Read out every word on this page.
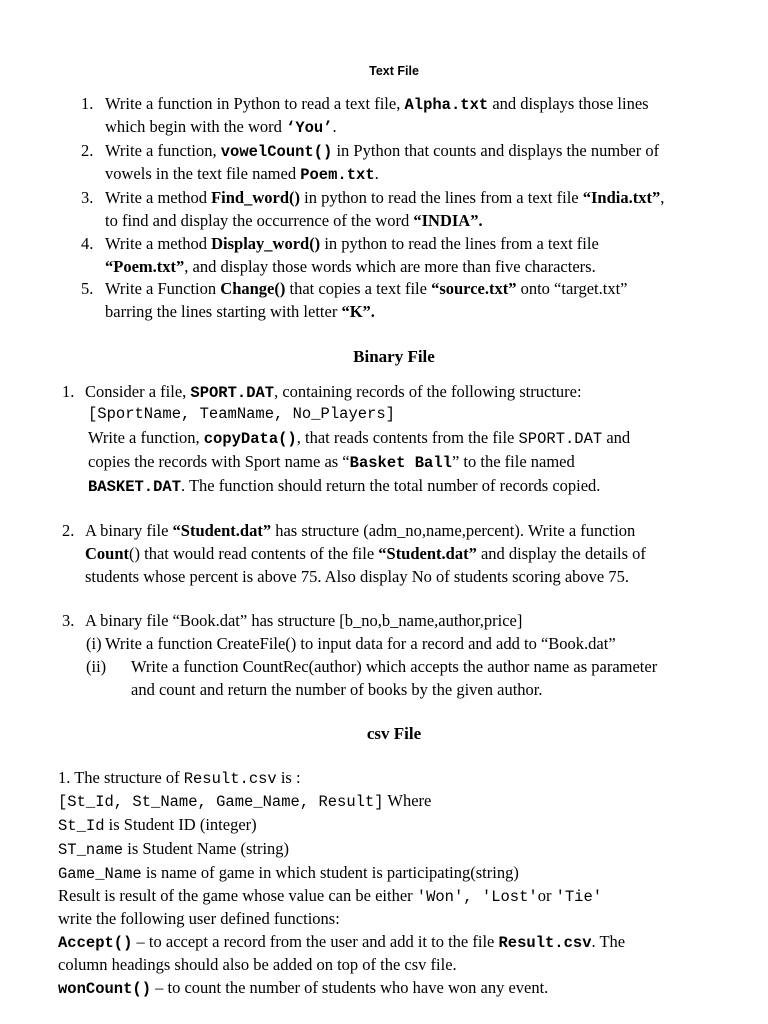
Text File
1. Write a function in Python to read a text file, Alpha.txt and displays those lines
which begin with the word ‘You’.
2. Write a function, vowelCount() in Python that counts and displays the number of
vowels in the text file named Poem.txt.
3. Write a method Find_word() in python to read the lines from a text file “India.txt”,
to find and display the occurrence of the word “INDIA”.
4. Write a method Display_word() in python to read the lines from a text file
“Poem.txt”, and display those words which are more than five characters.
5. Write a Function Change() that copies a text file “source.txt” onto “target.txt”
barring the lines starting with letter “K”.
Binary File
1. Consider a file, SPORT.DAT, containing records of the following structure:
[SportName, TeamName, No_Players]
Write a function, copyData(), that reads contents from the file SPORT.DAT and
copies the records with Sport name as “Basket Ball” to the file named
BASKET.DAT. The function should return the total number of records copied.
2. A binary file “Student.dat” has structure (adm_no,name,percent). Write a function
Count() that would read contents of the file “Student.dat” and display the details of
students whose percent is above 75. Also display No of students scoring above 75.
3. A binary file “Book.dat” has structure [b_no,b_name,author,price]
(i) Write a function CreateFile() to input data for a record and add to “Book.dat”
(ii) Write a function CountRec(author) which accepts the author name as parameter
and count and return the number of books by the given author.
csv File
1. The structure of Result.csv is :
[St_Id, St_Name, Game_Name, Result] Where
St_Id is Student ID (integer)
ST_name is Student Name (string)
Game_Name is name of game in which student is participating(string)
Result is result of the game whose value can be either 'Won', 'Lost'or 'Tie'
write the following user defined functions:
Accept() – to accept a record from the user and add it to the file Result.csv. The
column headings should also be added on top of the csv file.
wonCount() – to count the number of students who have won any event.
